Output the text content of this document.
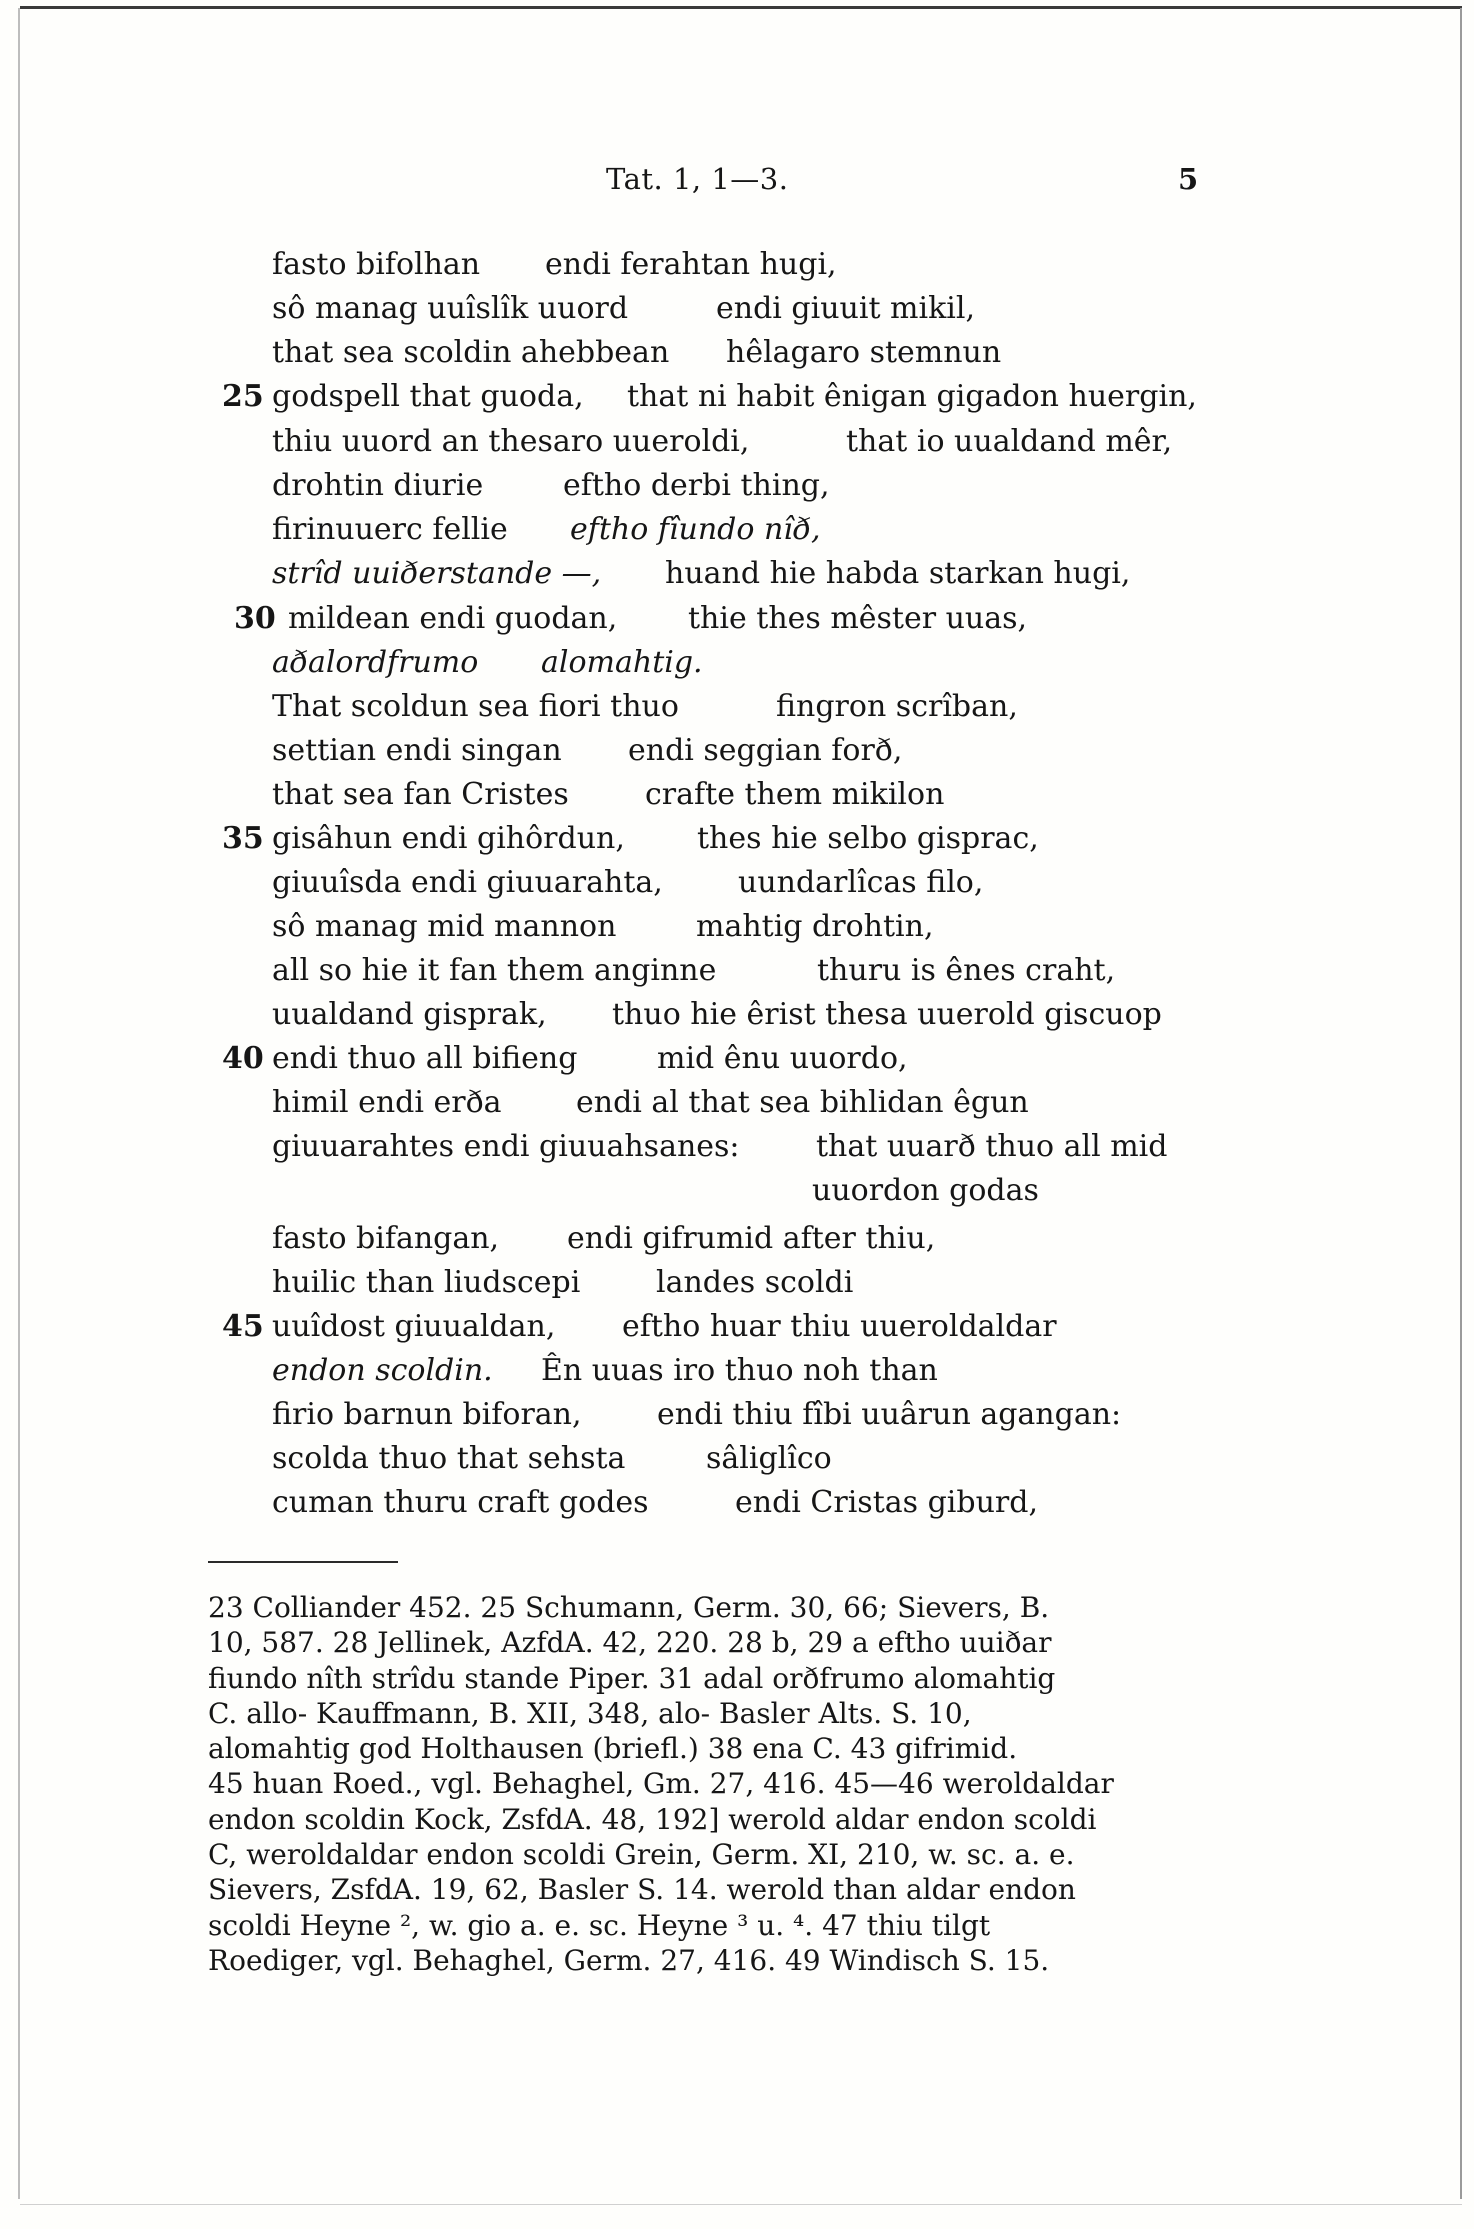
Tat. 1, 1—3.	5
fasto bifolhan endi ferahtan hugi,
sô manag uuîslîk uuord	endi giuuit mikil,
that sea scoldin ahebbean hêlagaro stemnun
25 godspell that guoda, that ni habit ênigan gigadon huergin,
thiu uuord an thesaro uueroldi,	that io uualdand mêr,
drohtin diurie	eftho derbi thing,
firinuuerc fellie eftho fîundo nîð,
strîd uuiðerstande —, huand hie habda starkan hugi,
30 mildean endi guodan, thie thes mêster uuas,
aðalordfrumo alomahtig.
That scoldun sea fiori thuo	fingron scrîban,
settian endi singan endi seggian forð,
that sea fan Cristes	crafte them mikilon
35 gisâhun endi gihôrdun, thes hie selbo gisprac,
giuuîsda endi giuuarahta,	uundarlîcas filo,
sô manag mid mannon	mahtig drohtin,
all so hie it fan them anginne	thuru is ênes craht,
uualdand gisprak, thuo hie êrist thesa uuerold giscuop
40 endi thuo all bifieng	mid ênu uuordo,
himil endi erða endi al that sea bihlidan êgun
giuuarahtes endi giuuahsanes:	that uuarð thuo all mid
uuordon godas
fasto bifangan, endi gifrumid after thiu,
huilic than liudscepi	landes scoldi
45 uuîdost giuualdan, eftho huar thiu uueroldaldar
endon scoldin. Ên uuas iro thuo noh than
firio barnun biforan,	endi thiu fîbi uuârun agangan:
scolda thuo that sehsta	sâliglîco
cuman thuru craft godes	endi Cristas giburd,
23 Colliander 452. 25 Schumann, Germ. 30, 66; Sievers, B.
10, 587. 28 Jellinek, AzfdA. 42, 220. 28 b, 29 a eftho uuiðar
fiundo nîth strîdu stande Piper. 31 adal orðfrumo alomahtig
C. allo- Kauffmann, B. XII, 348, alo- Basler Alts. S. 10,
alomahtig god Holthausen (briefl.) 38 ena C. 43 gifrimid.
45 huan Roed., vgl. Behaghel, Gm. 27, 416. 45—46 weroldaldar
endon scoldin Kock, ZsfdA. 48, 192] werold aldar endon scoldi
C, weroldaldar endon scoldi Grein, Germ. XI, 210, w. sc. a. e.
Sievers, ZsfdA. 19, 62, Basler S. 14. werold than aldar endon
scoldi Heyne ², w. gio a. e. sc. Heyne ³ u. ⁴. 47 thiu tilgt
Roediger, vgl. Behaghel, Germ. 27, 416. 49 Windisch S. 15.
